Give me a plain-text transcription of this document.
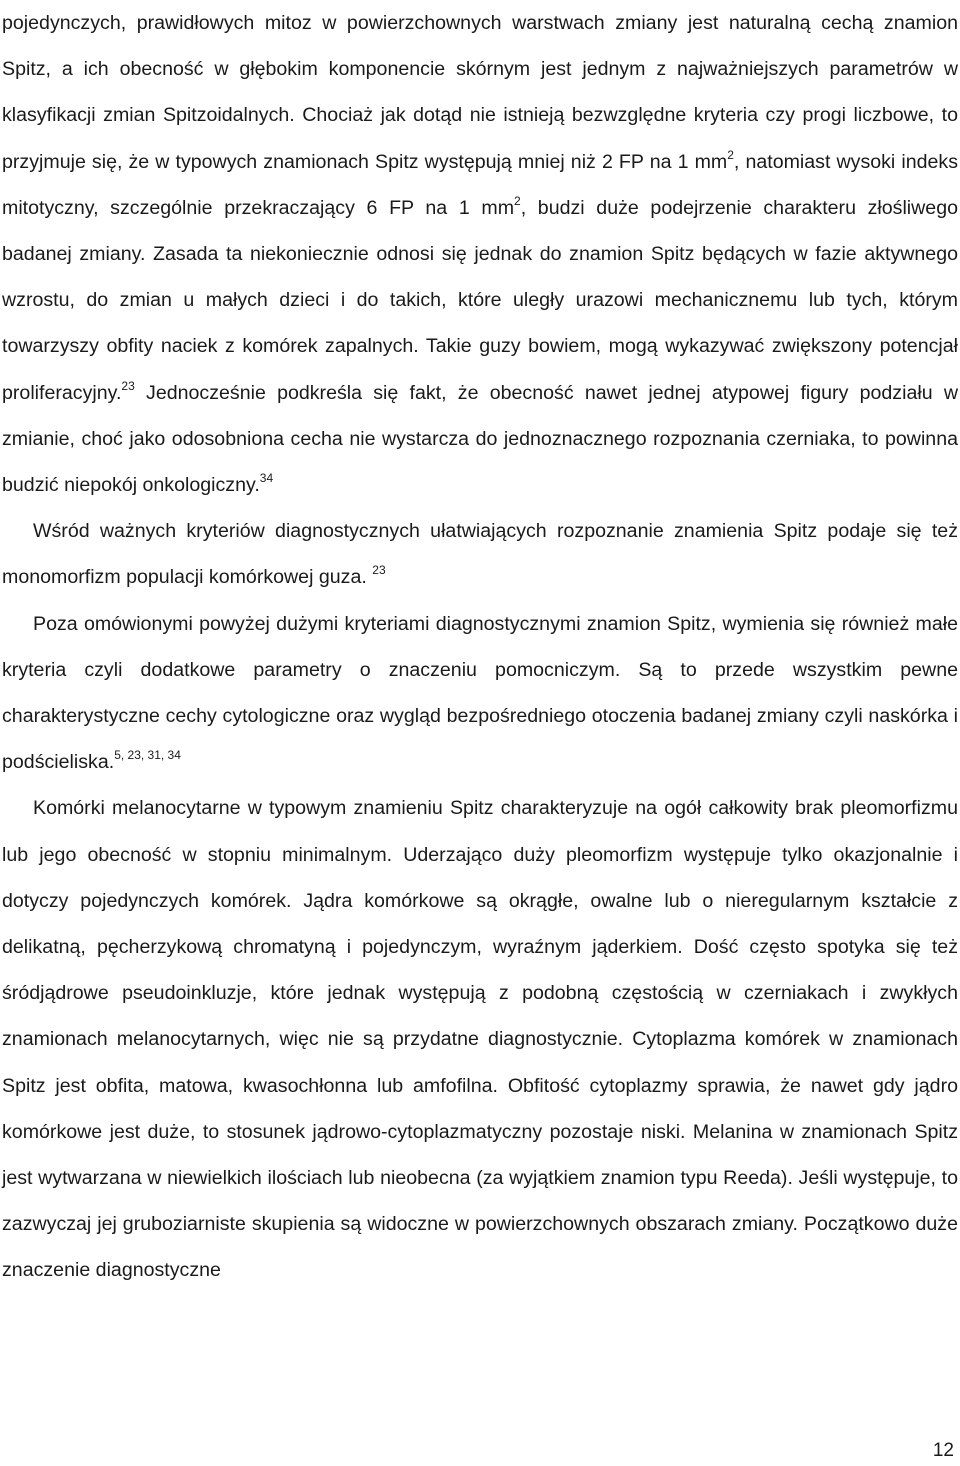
pojedynczych, prawidłowych mitoz w powierzchownych warstwach zmiany jest naturalną cechą znamion Spitz, a ich obecność w głębokim komponencie skórnym jest jednym z najważniejszych parametrów w klasyfikacji zmian Spitzoidalnych. Chociaż jak dotąd nie istnieją bezwzględne kryteria czy progi liczbowe, to przyjmuje się, że w typowych znamionach Spitz występują mniej niż 2 FP na 1 $mm^2$, natomiast wysoki indeks mitotyczny, szczególnie przekraczający 6 FP na 1 $mm^2$, budzi duże podejrzenie charakteru złośliwego badanej zmiany. Zasada ta niekoniecznie odnosi się jednak do znamion Spitz będących w fazie aktywnego wzrostu, do zmian u małych dzieci i do takich, które uległy urazowi mechanicznemu lub tych, którym towarzyszy obfity naciek z komórek zapalnych. Takie guzy bowiem, mogą wykazywać zwiększony potencjał proliferacyjny.$^{23}$ Jednocześnie podkreśla się fakt, że obecność nawet jednej atypowej figury podziału w zmianie, choć jako odosobniona cecha nie wystarcza do jednoznacznego rozpoznania czerniaka, to powinna budzić niepokój onkologiczny.$^{34}$

Wśród ważnych kryteriów diagnostycznych ułatwiających rozpoznanie znamienia Spitz podaje się też monomorfizm populacji komórkowej guza. $^{23}$

Poza omówionymi powyżej dużymi kryteriami diagnostycznymi znamion Spitz, wymienia się również małe kryteria czyli dodatkowe parametry o znaczeniu pomocniczym. Są to przede wszystkim pewne charakterystyczne cechy cytologiczne oraz wygląd bezpośredniego otoczenia badanej zmiany czyli naskórka i podścieliska.$^{5, 23, 31, 34}$

Komórki melanocytarne w typowym znamieniu Spitz charakteryzuje na ogół całkowity brak pleomorfizmu lub jego obecność w stopniu minimalnym. Uderzająco duży pleomorfizm występuje tylko okazjonalnie i dotyczy pojedynczych komórek. Jądra komórkowe są okrągłe, owalne lub o nieregularnym kształcie z delikatną, pęcherzykową chromatyną i pojedynczym, wyraźnym jąderkiem. Dość często spotyka się też śródjądrowe pseudoinkluzje, które jednak występują z podobną częstością w czerniakach i zwykłych znamionach melanocytarnych, więc nie są przydatne diagnostycznie. Cytoplazma komórek w znamionach Spitz jest obfita, matowa, kwasochłonna lub amfofilna. Obfitość cytoplazmy sprawia, że nawet gdy jądro komórkowe jest duże, to stosunek jądrowo-cytoplazmatyczny pozostaje niski. Melanina w znamionach Spitz jest wytwarzana w niewielkich ilościach lub nieobecna (za wyjątkiem znamion typu Reeda). Jeśli występuje, to zazwyczaj jej gruboziarniste skupienia są widoczne w powierzchownych obszarach zmiany. Początkowo duże znaczenie diagnostyczne

12
